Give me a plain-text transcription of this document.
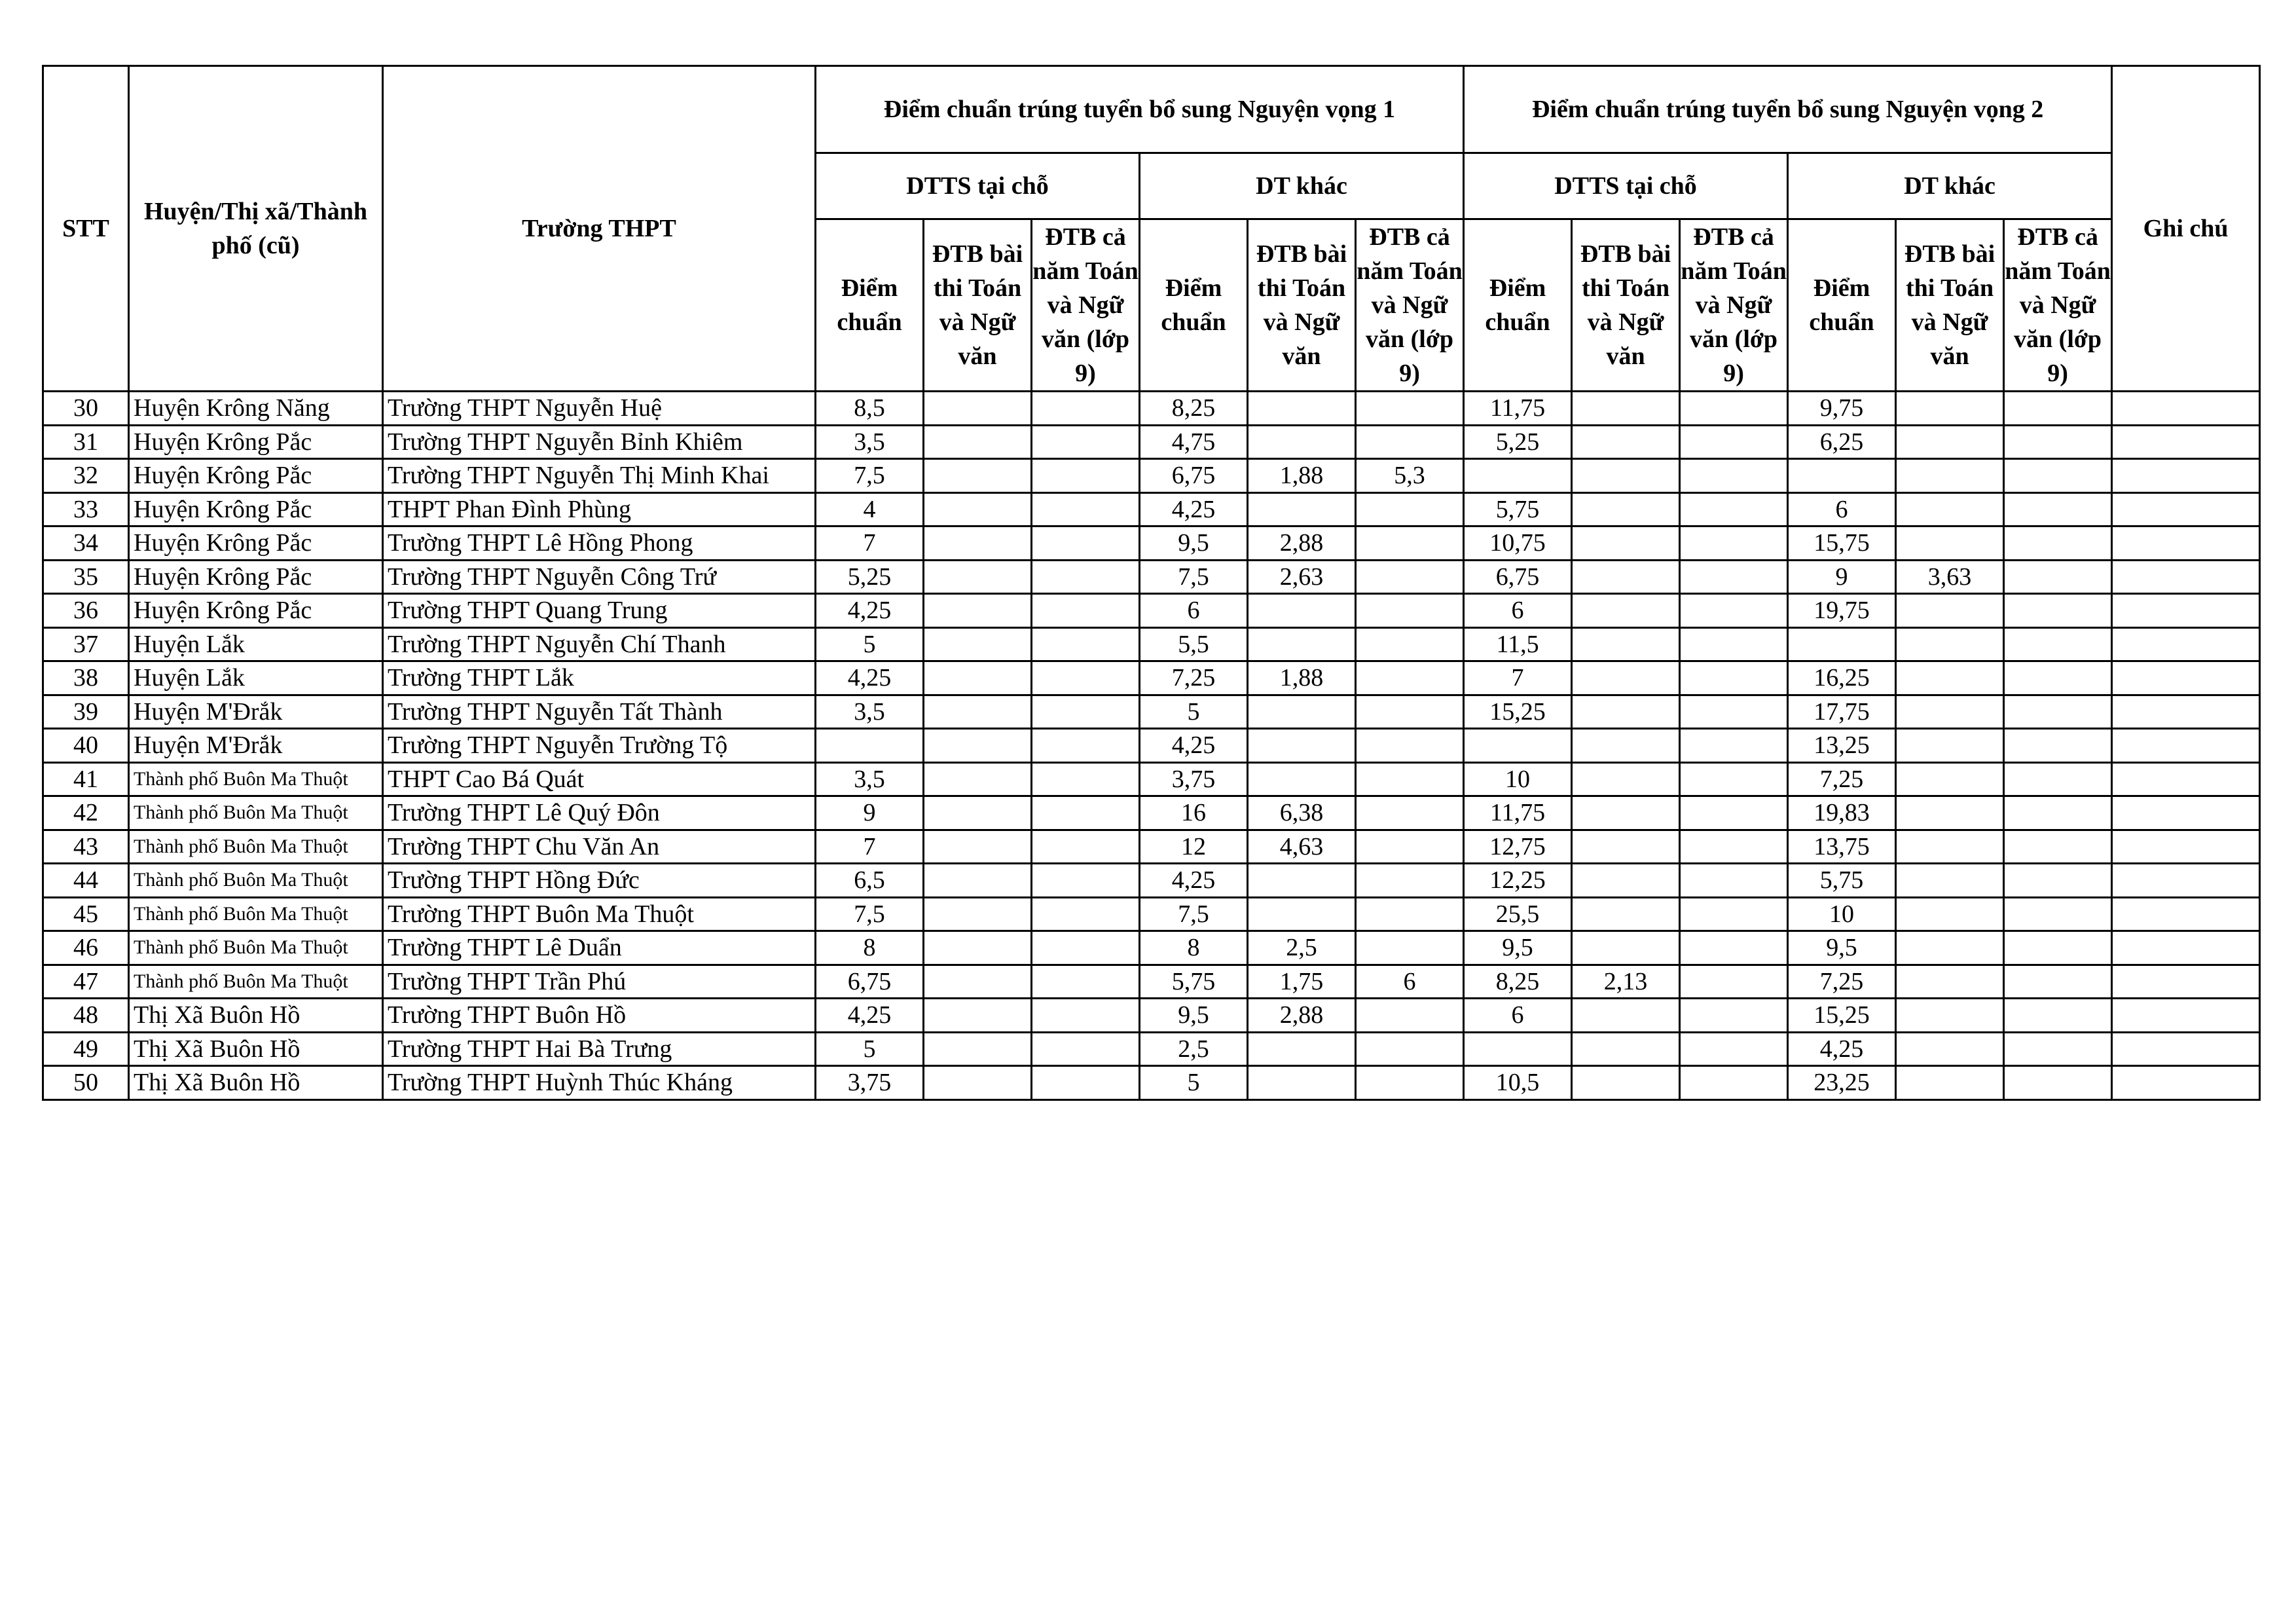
STT	Huyện/Thị xã/Thành phố (cũ)	Trường THPT	Điểm chuẩn trúng tuyển bổ sung Nguyện vọng 1						Điểm chuẩn trúng tuyển bổ sung Nguyện vọng 2						Ghi chú
			DTTS tại chỗ			DT khác			DTTS tại chỗ			DT khác			
			Điểm chuẩn	ĐTB bài thi Toán và Ngữ văn	ĐTB cả năm Toán và Ngữ văn (lớp 9)	Điểm chuẩn	ĐTB bài thi Toán và Ngữ văn	ĐTB cả năm Toán và Ngữ văn (lớp 9)	Điểm chuẩn	ĐTB bài thi Toán và Ngữ văn	ĐTB cả năm Toán và Ngữ văn (lớp 9)	Điểm chuẩn	ĐTB bài thi Toán và Ngữ văn	ĐTB cả năm Toán và Ngữ văn (lớp 9)	
30	Huyện Krông Năng	Trường THPT Nguyễn Huệ	8,5			8,25			11,75			9,75			
31	Huyện Krông Pắc	Trường THPT Nguyễn Bỉnh Khiêm	3,5			4,75			5,25			6,25			
32	Huyện Krông Pắc	Trường THPT Nguyễn Thị Minh Khai	7,5			6,75	1,88	5,3							
33	Huyện Krông Pắc	THPT Phan Đình Phùng	4			4,25			5,75			6			
34	Huyện Krông Pắc	Trường THPT Lê Hồng Phong	7			9,5	2,88		10,75			15,75			
35	Huyện Krông Pắc	Trường THPT Nguyễn Công Trứ	5,25			7,5	2,63		6,75			9	3,63		
36	Huyện Krông Pắc	Trường THPT Quang Trung	4,25			6			6			19,75			
37	Huyện Lắk	Trường THPT Nguyễn Chí Thanh	5			5,5			11,5						
38	Huyện Lắk	Trường THPT Lắk	4,25			7,25	1,88		7			16,25			
39	Huyện M'Đrắk	Trường THPT Nguyễn Tất Thành	3,5			5			15,25			17,75			
40	Huyện M'Đrắk	Trường THPT Nguyễn Trường Tộ				4,25						13,25			
41	Thành phố Buôn Ma Thuột	THPT Cao Bá Quát	3,5			3,75			10			7,25			
42	Thành phố Buôn Ma Thuột	Trường THPT Lê Quý Đôn	9			16	6,38		11,75			19,83			
43	Thành phố Buôn Ma Thuột	Trường THPT Chu Văn An	7			12	4,63		12,75			13,75			
44	Thành phố Buôn Ma Thuột	Trường THPT Hồng Đức	6,5			4,25			12,25			5,75			
45	Thành phố Buôn Ma Thuột	Trường THPT Buôn Ma Thuột	7,5			7,5			25,5			10			
46	Thành phố Buôn Ma Thuột	Trường THPT Lê Duẩn	8			8	2,5		9,5			9,5			
47	Thành phố Buôn Ma Thuột	Trường THPT Trần Phú	6,75			5,75	1,75	6	8,25	2,13		7,25			
48	Thị Xã Buôn Hồ	Trường THPT Buôn Hồ	4,25			9,5	2,88		6			15,25			
49	Thị Xã Buôn Hồ	Trường THPT Hai Bà Trưng	5			2,5						4,25			
50	Thị Xã Buôn Hồ	Trường THPT Huỳnh Thúc Kháng	3,75			5			10,5			23,25			
